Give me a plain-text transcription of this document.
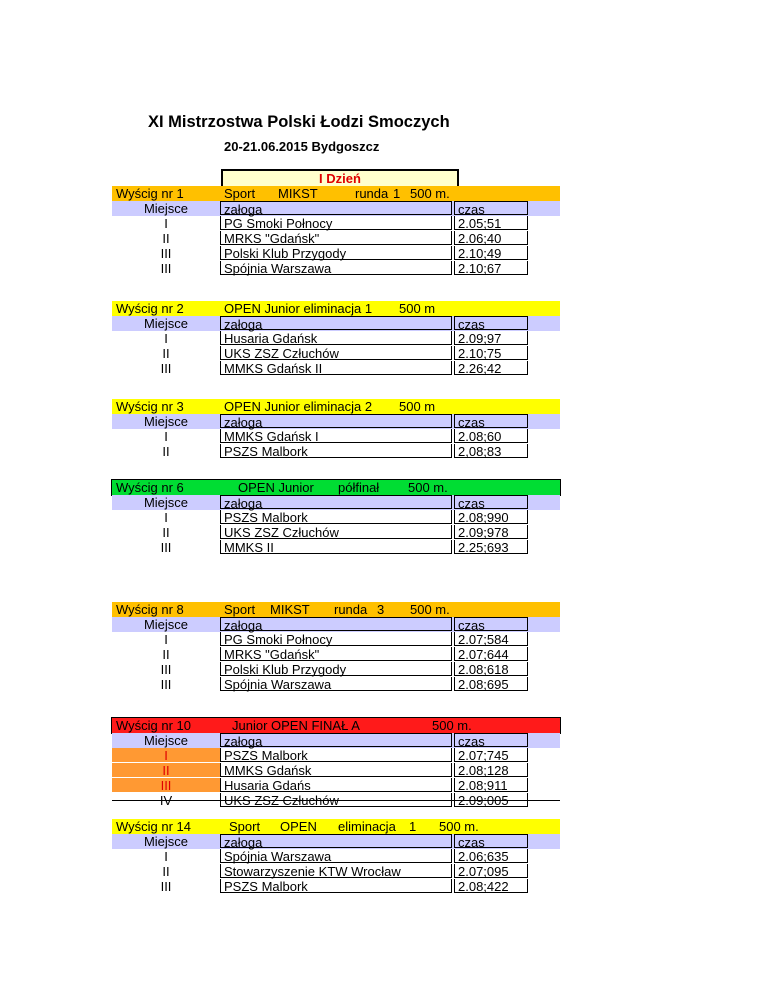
XI Mistrzostwa Polski Łodzi Smoczych
20-21.06.2015 Bydgoszcz
I Dzień
Wyścig nr 1	Sport MIKST	runda 1 500 m.
Miejsce	załoga	czas
I	PG Smoki Połnocy	2.05;51
II	MRKS "Gdańsk"	2.06;40
III	Polski Klub Przygody	2.10;49
III	Spójnia Warszawa	2.10;67
Wyścig nr 2	OPEN Junior eliminacja 1 500 m
Miejsce	załoga	czas
I	Husaria Gdańsk	2.09;97
II	UKS ZSZ Człuchów	2.10;75
III	MMKS Gdańsk II	2.26;42
Wyścig nr 3	OPEN Junior eliminacja 2 500 m
Miejsce	załoga	czas
I	MMKS Gdańsk I	2.08;60
II	PSZS Malbork	2,08;83
Wyścig nr 6	OPEN Junior półfinał 500 m.
Miejsce	załoga	czas
I	PSZS Malbork	2.08;990
II	UKS ZSZ Człuchów	2.09;978
III	MMKS II	2.25;693
Wyścig nr 8	Sport MIKST runda 3 500 m.
Miejsce	załoga	czas
I	PG Smoki Połnocy	2.07;584
II	MRKS "Gdańsk"	2.07;644
III	Polski Klub Przygody	2.08;618
III	Spójnia Warszawa	2.08;695
Wyścig nr 10	Junior OPEN FINAŁ A	500 m.
Miejsce	załoga	czas
I	PSZS Malbork	2.07;745
II	MMKS Gdańsk	2.08;128
III	Husaria Gdańs	2.08;911
IV	UKS ZSZ Człuchów	2.09;005
Wyścig nr 14	Sport OPEN eliminacja 1 500 m.
Miejsce	załoga	czas
I	Spójnia Warszawa	2.06;635
II	Stowarzyszenie KTW Wrocław	2.07;095
III	PSZS Malbork	2.08;422
